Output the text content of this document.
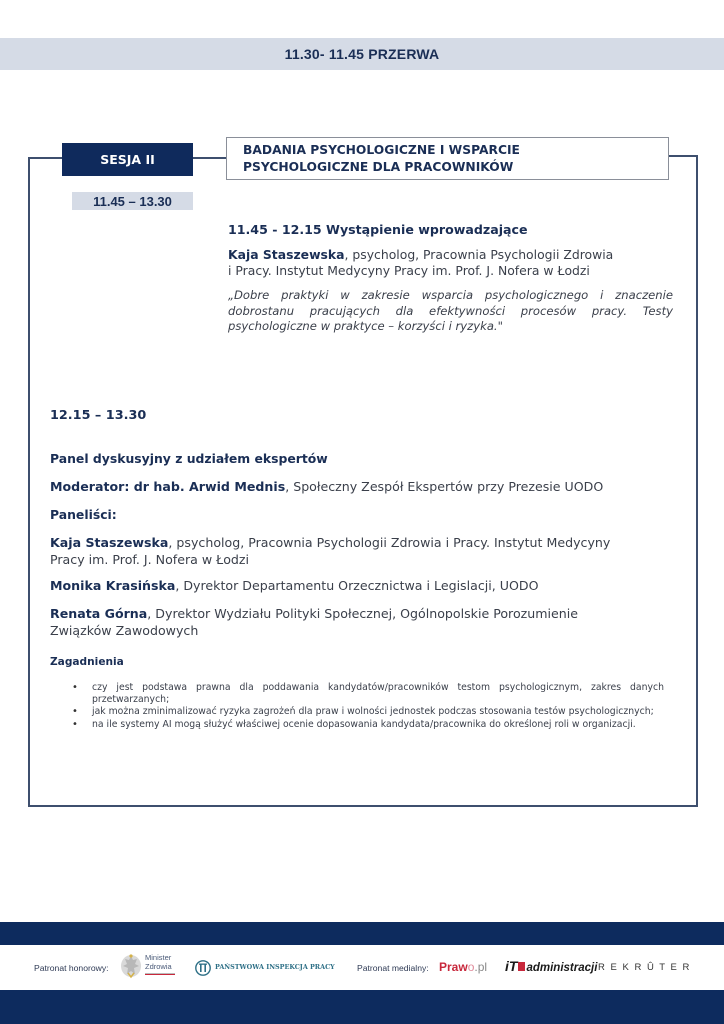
11.30- 11.45 PRZERWA
SESJA II
BADANIA PSYCHOLOGICZNE I WSPARCIE
PSYCHOLOGICZNE DLA PRACOWNIKÓW
11.45 – 13.30
11.45 - 12.15 Wystąpienie wprowadzające
Kaja Staszewska, psycholog, Pracownia Psychologii Zdrowia
i Pracy. Instytut Medycyny Pracy im. Prof. J. Nofera w Łodzi
„Dobre praktyki w zakresie wsparcia psychologicznego i znaczenie dobrostanu pracujących dla efektywności procesów pracy. Testy psychologiczne w praktyce – korzyści i ryzyka."
12.15 – 13.30
Panel dyskusyjny z udziałem ekspertów
Moderator: dr hab. Arwid Mednis, Społeczny Zespół Ekspertów przy Prezesie UODO
Paneliści:
Kaja Staszewska, psycholog, Pracownia Psychologii Zdrowia i Pracy. Instytut Medycyny
Pracy im. Prof. J. Nofera w Łodzi
Monika Krasińska, Dyrektor Departamentu Orzecznictwa i Legislacji, UODO
Renata Górna, Dyrektor Wydziału Polityki Społecznej, Ogólnopolskie Porozumienie
Związków Zawodowych
Zagadnienia
• czy jest podstawa prawna dla poddawania kandydatów/pracowników testom psychologicznym, zakres danych przetwarzanych;
• jak można zminimalizować ryzyka zagrożeń dla praw i wolności jednostek podczas stosowania testów psychologicznych;
• na ile systemy AI mogą służyć właściwej ocenie dopasowania kandydata/pracownika do określonej roli w organizacji.
Patronat honorowy:
Minister
Zdrowia	PAŃSTWOWA INSPEKCJA PRACY	Patronat medialny: Prawo.pl iT administracji R E K R Û T E R
